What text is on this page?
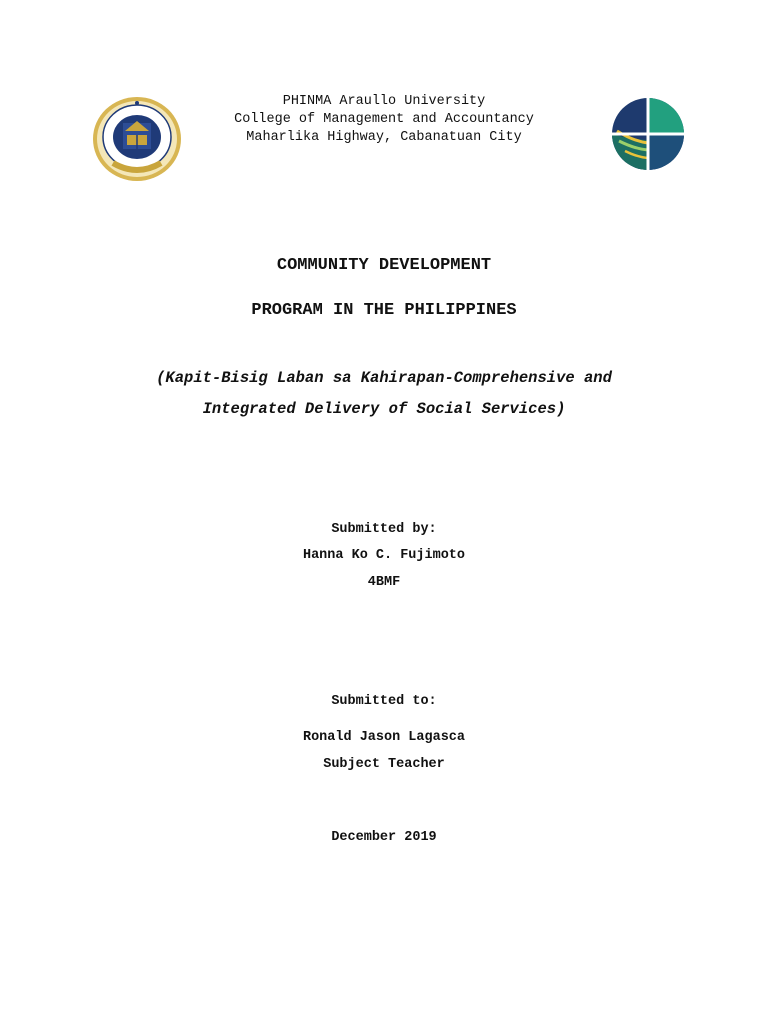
PHINMA Araullo University
College of Management and Accountancy
Maharlika Highway, Cabanatuan City
COMMUNITY DEVELOPMENT
PROGRAM IN THE PHILIPPINES
(Kapit-Bisig Laban sa Kahirapan-Comprehensive and
Integrated Delivery of Social Services)
Submitted by:
Hanna Ko C. Fujimoto
4BMF
Submitted to:
Ronald Jason Lagasca
Subject Teacher
December 2019
